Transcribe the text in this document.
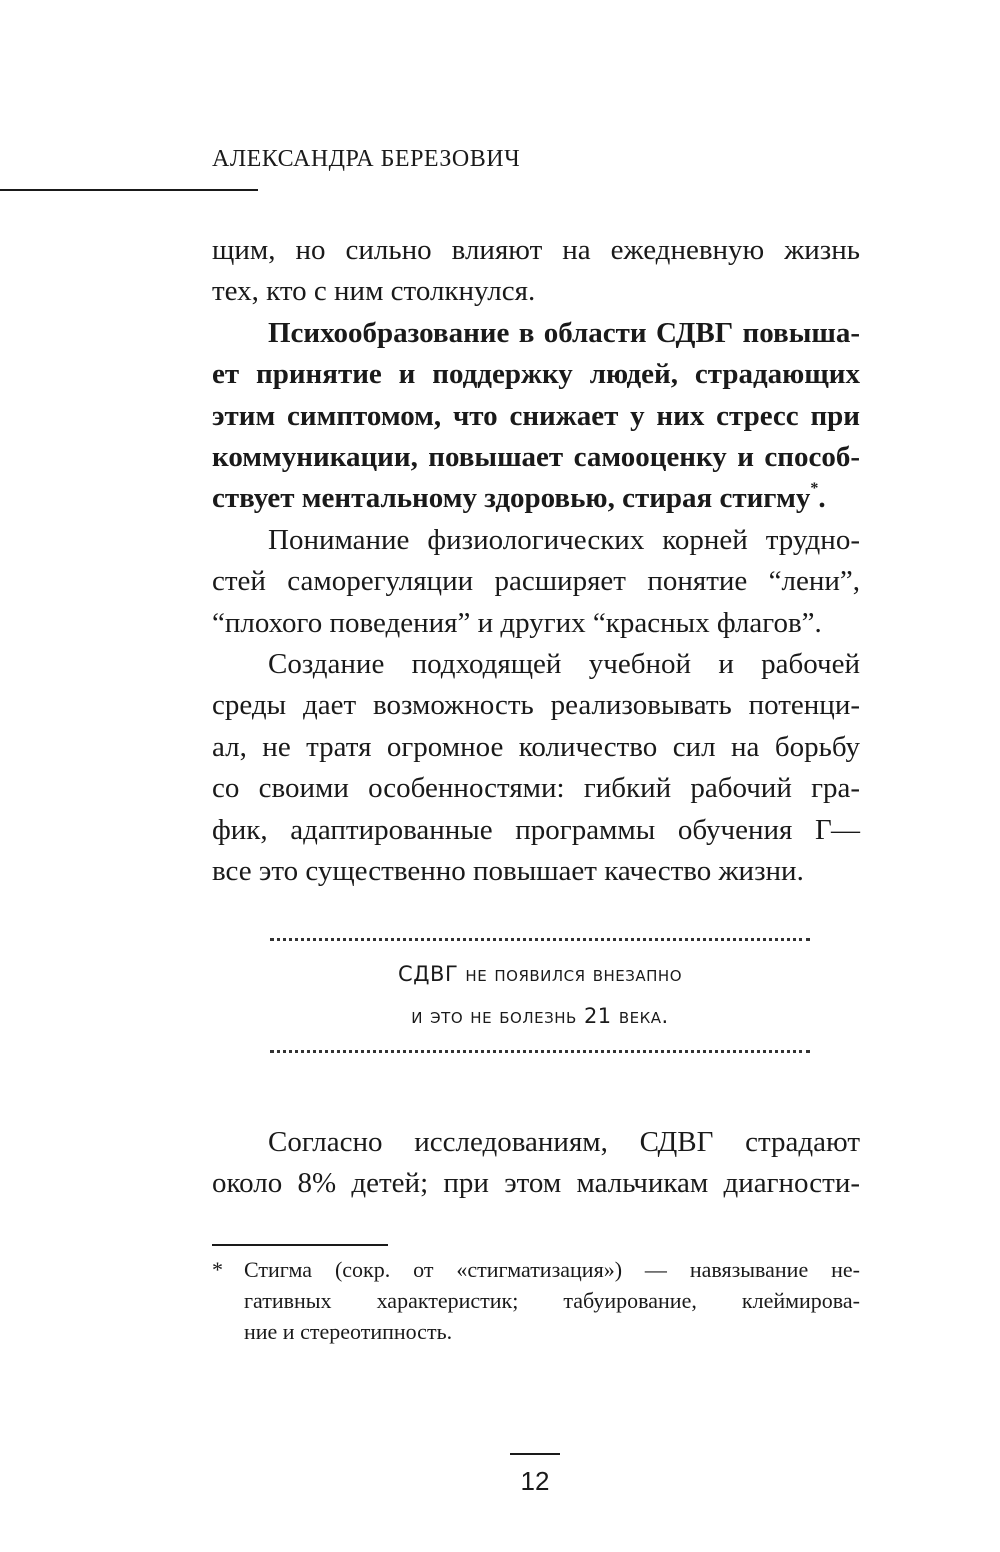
АЛЕКСАНДРА БЕРЕЗОВИЧ

щим, но сильно влияют на ежедневную жизнь

тех, кто с ним столкнулся.

Психообразование в области СДВГ повыша-

ет принятие и поддержку людей, страдающих

этим симптомом, что снижает у них стресс при

коммуникации, повышает самооценку и способ-

ствует ментальному здоровью, стирая стигму*.

Понимание физиологических корней трудно-

стей саморегуляции расширяет понятие “лени”,

“плохого поведения” и других “красных флагов”.

Создание подходящей учебной и рабочей

среды дает возможность реализовывать потенци-

ал, не тратя огромное количество сил на борьбу

со своими особенностями: гибкий рабочий гра-

фик, адаптированные программы обучения Г—

все это существенно повышает качество жизни.

СДВГ не появился внезапно
и это не болезнь 21 века.

Согласно исследованиям, СДВГ страдают

около 8% детей; при этом мальчикам диагности-

* Стигма (сокр. от «стигматизация») — навязывание не-

гативных характеристик; табуирование, клеймирова-

ние и стереотипность.

12
